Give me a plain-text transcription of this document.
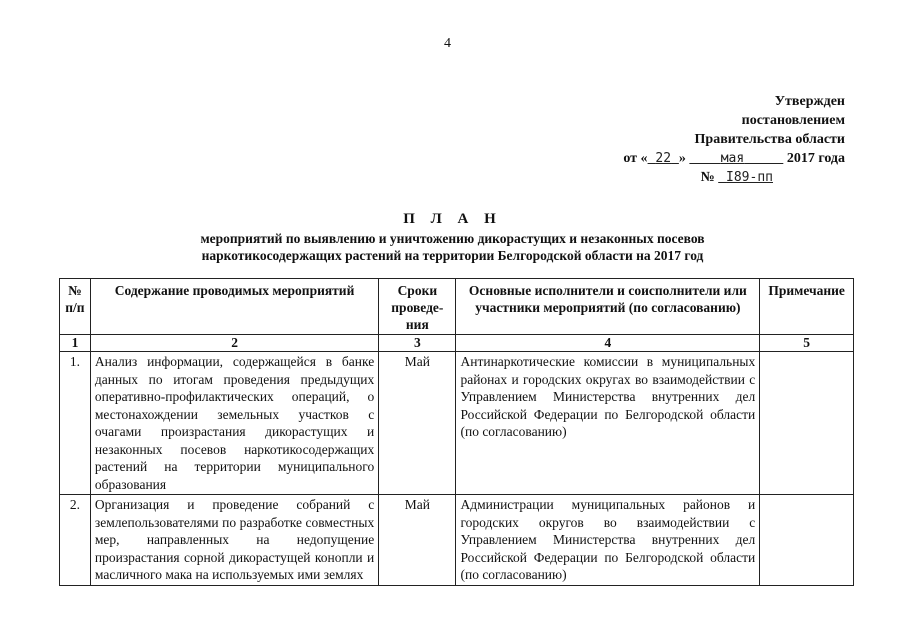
4
Утвержден
постановлением
Правительства области
от « 22 »	мая	2017 года
№ I89-пп
П Л А Н
мероприятий по выявлению и уничтожению дикорастущих и незаконных посевов
наркотикосодержащих растений на территории Белгородской области на 2017 год
№ п/п	Содержание проводимых мероприятий	Сроки проведе-ния	Основные исполнители и соисполнители или участники мероприятий (по согласованию)	Примечание
1	2	3	4	5
1.	Анализ информации, содержащейся в банке данных по итогам проведения предыдущих оперативно-профилактических операций, о местонахождении земельных участков с очагами произрастания дикорастущих и незаконных посевов наркотикосодержащих растений на территории муниципального образования	Май	Антинаркотические комиссии в муниципальных районах и городских округах во взаимодействии с Управлением Министерства внутренних дел Российской Федерации по Белгородской области (по согласованию)	
2.	Организация и проведение собраний с землепользователями по разработке совместных мер, направленных на недопущение произрастания сорной дикорастущей конопли и масличного мака на используемых ими землях	Май	Администрации муниципальных районов и городских округов во взаимодействии с Управлением Министерства внутренних дел Российской Федерации по Белгородской области (по согласованию)	
